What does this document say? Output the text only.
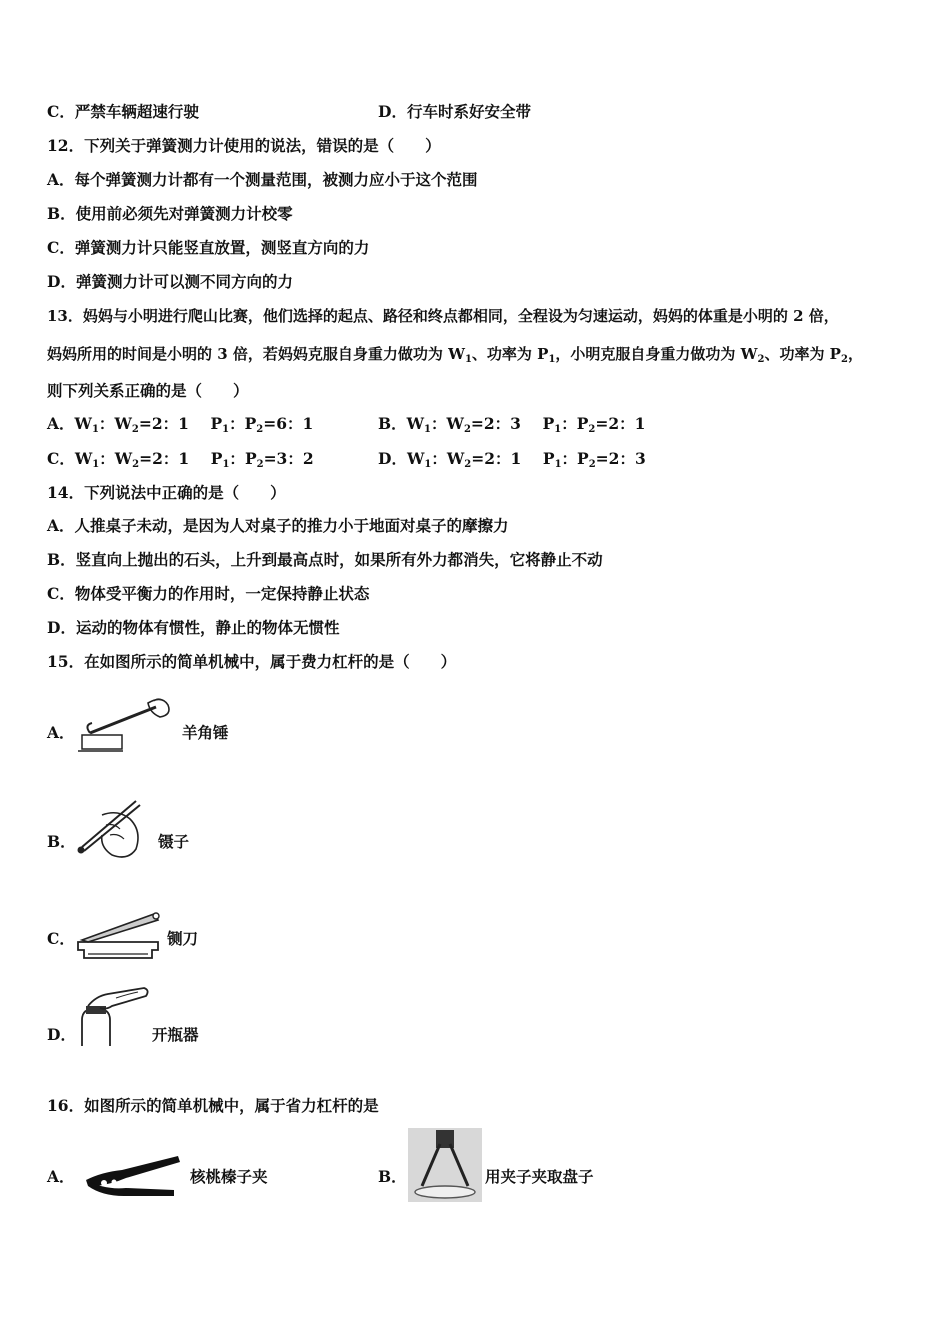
C．严禁车辆超速行驶	D．行车时系好安全带
12．下列关于弹簧测力计使用的说法，错误的是（　　）
A．每个弹簧测力计都有一个测量范围，被测力应小于这个范围
B．使用前必须先对弹簧测力计校零
C．弹簧测力计只能竖直放置，测竖直方向的力
D．弹簧测力计可以测不同方向的力
13．妈妈与小明进行爬山比赛，他们选择的起点、路径和终点都相同，全程设为匀速运动，妈妈的体重是小明的 2 倍，
妈妈所用的时间是小明的 3 倍，若妈妈克服自身重力做功为 $W_1$、功率为 $P_1$，小明克服自身重力做功为 $W_2$、功率为 $P_2$，
则下列关系正确的是（　　）
A．$W_1$：$W_2=2$：1 $P_1$：$P_2=6$：1	B．$W_1$：$W_2=2$：3 $P_1$：$P_2=2$：1
C．$W_1$：$W_2=2$：1 $P_1$：$P_2=3$：2	D．$W_1$：$W_2=2$：1 $P_1$：$P_2=2$：3
14．下列说法中正确的是（　　）
A．人推桌子未动，是因为人对桌子的推力小于地面对桌子的摩擦力
B．竖直向上抛出的石头，上升到最高点时，如果所有外力都消失，它将静止不动
C．物体受平衡力的作用时，一定保持静止状态
D．运动的物体有惯性，静止的物体无惯性
15．在如图所示的简单机械中，属于费力杠杆的是（　　）
A．	羊角锤
B．	镊子
C．	铡刀
D．	开瓶器
16．如图所示的简单机械中，属于省力杠杆的是
A．	核桃榛子夹	B．	用夹子夹取盘子
